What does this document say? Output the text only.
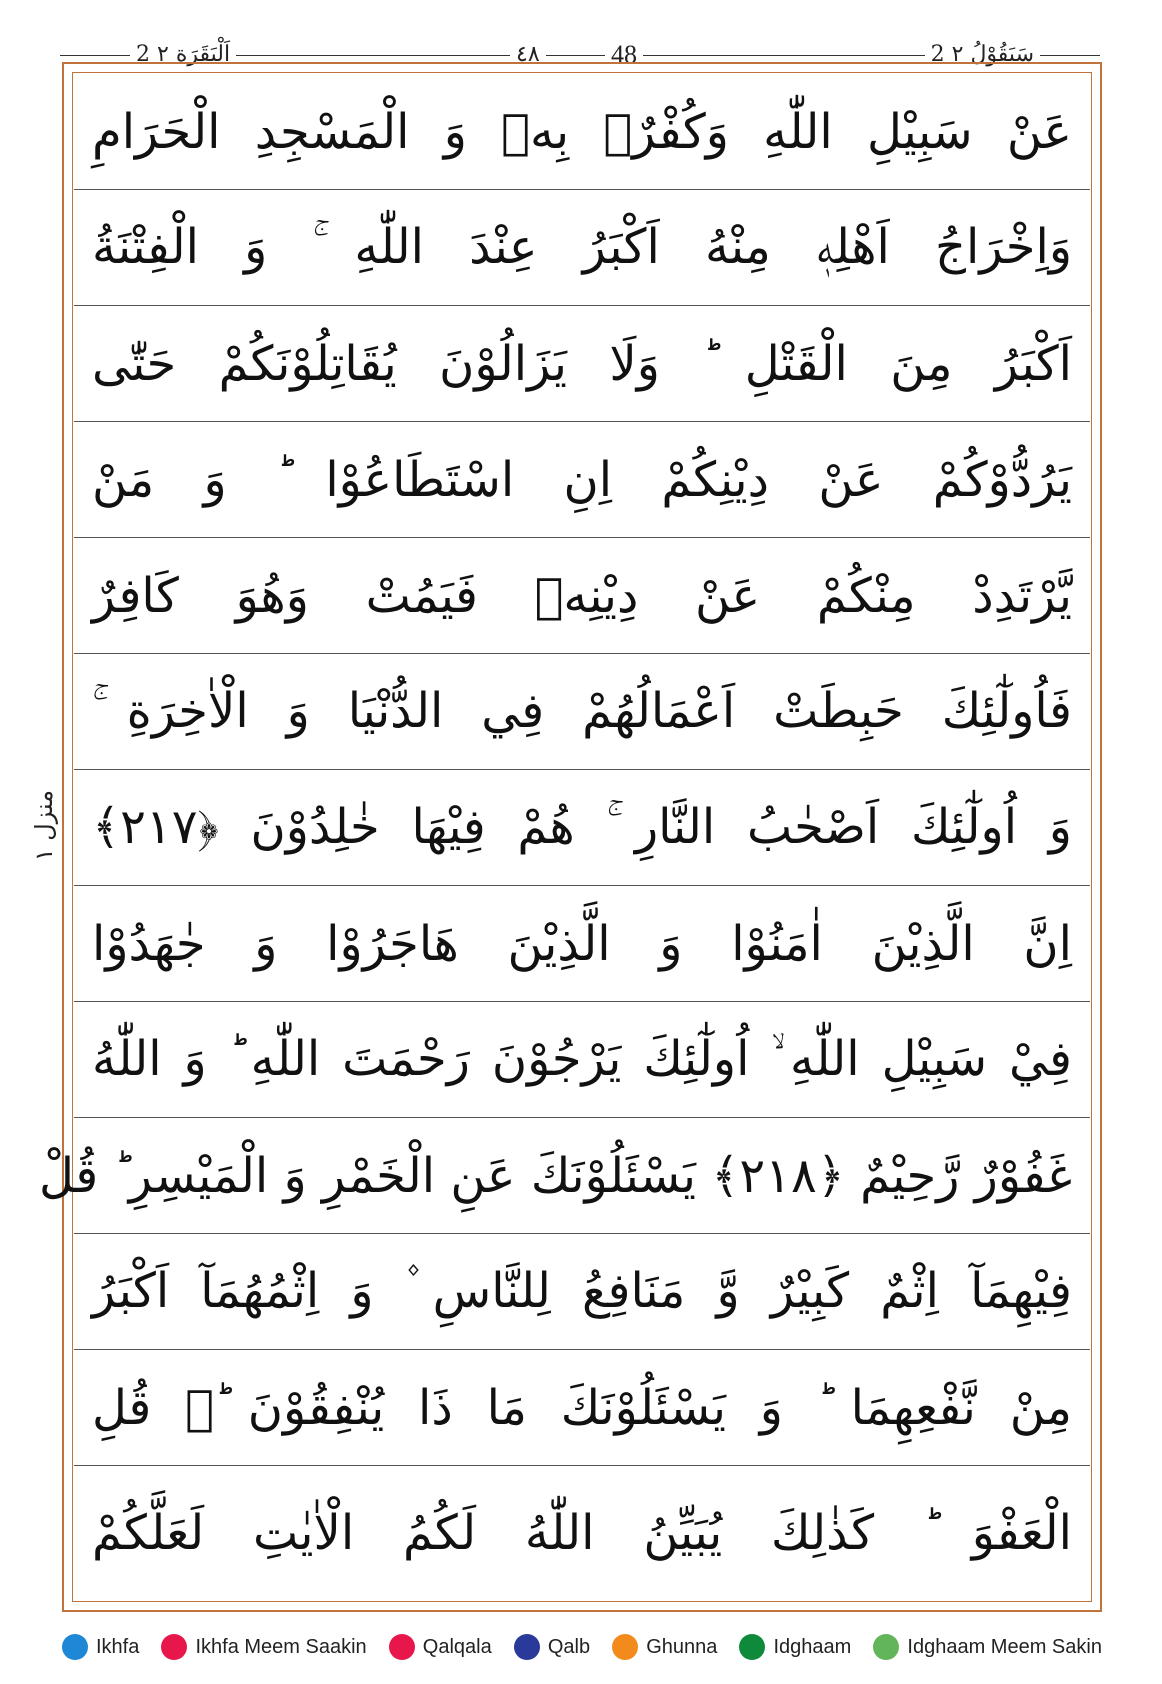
2 اَلْبَقَرَة ٢	٤٨	48	2 سَيَقُوْلُ ٢
منزل ١
عَنْ سَبِيْلِ اللّٰهِ وَكُفْرٌۢ بِهٖ وَ الْمَسْجِدِ الْحَرَامِ
وَاِخْرَاجُ اَهْلِهٖ مِنْهُ اَكْبَرُ عِنْدَ اللّٰهِ ۚ وَ الْفِتْنَةُ
اَكْبَرُ مِنَ الْقَتْلِ ؕ وَلَا يَزَالُوْنَ يُقَاتِلُوْنَكُمْ حَتّٰى
يَرُدُّوْكُمْ عَنْ دِيْنِكُمْ اِنِ اسْتَطَاعُوْا ؕ وَ مَنْ
يَّرْتَدِدْ مِنْكُمْ عَنْ دِيْنِهٖ فَيَمُتْ وَهُوَ كَافِرٌ
فَاُولٰٓئِكَ حَبِطَتْ اَعْمَالُهُمْ فِي الدُّنْيَا وَ الْاٰخِرَةِ ۚ
وَ اُولٰٓئِكَ اَصْحٰبُ النَّارِ ۚ هُمْ فِيْهَا خٰلِدُوْنَ ﴿٢١٧﴾
اِنَّ الَّذِيْنَ اٰمَنُوْا وَ الَّذِيْنَ هَاجَرُوْا وَ جٰهَدُوْا
فِيْ سَبِيْلِ اللّٰهِ ۙ اُولٰٓئِكَ يَرْجُوْنَ رَحْمَتَ اللّٰهِ ؕ وَ اللّٰهُ
غَفُوْرٌ رَّحِيْمٌ ﴿٢١٨﴾ يَسْئَلُوْنَكَ عَنِ الْخَمْرِ وَ الْمَيْسِرِ ؕ قُلْ
فِيْهِمَآ اِثْمٌ كَبِيْرٌ وَّ مَنَافِعُ لِلنَّاسِ ۫ وَ اِثْمُهُمَآ اَكْبَرُ
مِنْ نَّفْعِهِمَا ؕ وَ يَسْئَلُوْنَكَ مَا ذَا يُنْفِقُوْنَ ؕ۬ قُلِ
الْعَفْوَ ؕ كَذٰلِكَ يُبَيِّنُ اللّٰهُ لَكُمُ الْاٰيٰتِ لَعَلَّكُمْ
Ikhfa	Ikhfa Meem Saakin	Qalqala	Qalb	Ghunna	Idghaam	Idghaam Meem Sakin
